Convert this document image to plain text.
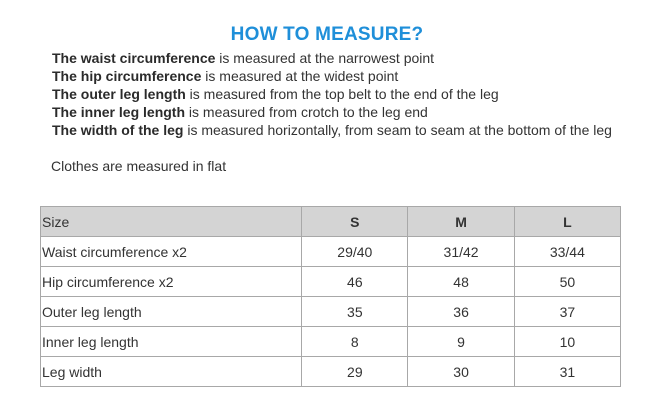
HOW TO MEASURE?
The waist circumference is measured at the narrowest point
The hip circumference is measured at the widest point
The outer leg length is measured from the top belt to the end of the leg
The inner leg length is measured from crotch to the leg end
The width of the leg is measured horizontally, from seam to seam at the bottom of the leg
Clothes are measured in flat
Size	S	M	L
Waist circumference x2	29/40	31/42	33/44
Hip circumference x2	46	48	50
Outer leg length	35	36	37
Inner leg length	8	9	10
Leg width	29	30	31
